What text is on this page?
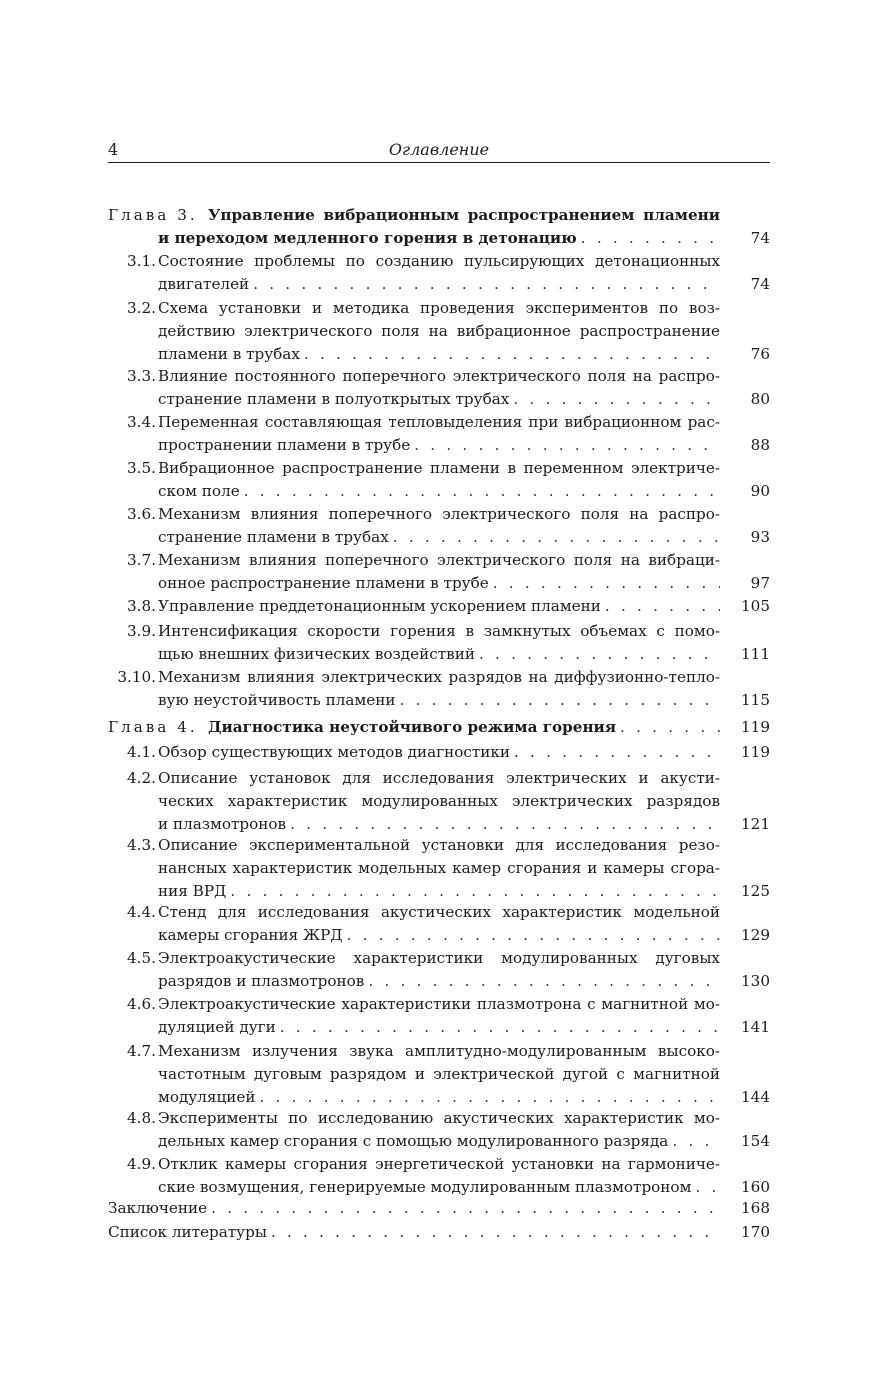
4	Оглавление
Глава 3. Управление вибрационным распространением пламени
и переходом медленного горения в детонацию . . .	74
3.1. Состояние проблемы по созданию пульсирующих детонационных
двигателей . . .	74
3.2. Схема установки и методика проведения экспериментов по воз-
действию электрического поля на вибрационное распространение
пламени в трубах . . .	76
3.3. Влияние постоянного поперечного электрического поля на распро-
странение пламени в полуоткрытых трубах . . .	80
3.4. Переменная составляющая тепловыделения при вибрационном рас-
пространении пламени в трубе . . .	88
3.5. Вибрационное распространение пламени в переменном электриче-
ском поле . . .	90
3.6. Механизм влияния поперечного электрического поля на распро-
странение пламени в трубах . . .	93
3.7. Механизм влияния поперечного электрического поля на вибраци-
онное распространение пламени в трубе . . .	97
3.8. Управление преддетонационным ускорением пламени . . .	105
3.9. Интенсификация скорости горения в замкнутых объемах с помо-
щью внешних физических воздействий . . .	111
3.10. Механизм влияния электрических разрядов на диффузионно-тепло-
вую неустойчивость пламени . . .	115
Глава 4. Диагностика неустойчивого режима горения . . .	119
4.1. Обзор существующих методов диагностики . . .	119
4.2. Описание установок для исследования электрических и акусти-
ческих характеристик модулированных электрических разрядов
и плазмотронов . . .	121
4.3. Описание экспериментальной установки для исследования резо-
нансных характеристик модельных камер сгорания и камеры сгора-
ния ВРД . . .	125
4.4. Стенд для исследования акустических характеристик модельной
камеры сгорания ЖРД . . .	129
4.5. Электроакустические характеристики модулированных дуговых
разрядов и плазмотронов . . .	130
4.6. Электроакустические характеристики плазмотрона с магнитной мо-
дуляцией дуги . . .	141
4.7. Механизм излучения звука амплитудно-модулированным высоко-
частотным дуговым разрядом и электрической дугой с магнитной
модуляцией . . .	144
4.8. Эксперименты по исследованию акустических характеристик мо-
дельных камер сгорания с помощью модулированного разряда . . .	154
4.9. Отклик камеры сгорания энергетической установки на гармониче-
ские возмущения, генерируемые модулированным плазмотроном . . .	160
Заключение . . .	168
Список литературы . . .	170
